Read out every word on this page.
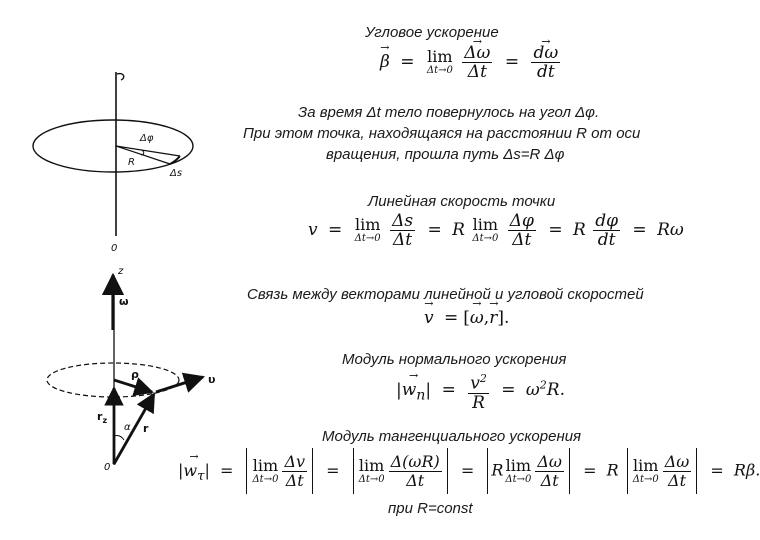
Δφ
R
Δs
0
z
ω
$r_z$
ρ	υ
r
α
0
Угловое ускорение
→ β = lim
Δt→0
→ $\frac{\Delta\omega}{\Delta t}$ = → $\frac{d\omega}{dt}$
За время Δt тело повернулось на угол Δφ.
При этом точка, находящаяся на расстоянии R от оси
вращения, прошла путь Δs=R Δφ
Линейная скорость точки
v = lim
Δt→0
$\frac{\Delta s}{\Delta t} = R$ lim
Δt→0
$\frac{\Delta\varphi}{\Delta t} = R \frac{d\varphi}{dt} = R\omega$
Связь между векторами линейной и угловой скоростей
→ v = [→ ω,→ r].
Модуль нормального ускорения
|→ $w_n| = \frac{v^2}{R} = \omega^2R$.
Модуль тангенциального ускорения
|→ $w_\tau| = \lim$
$\Delta t\to 0 \frac{\Delta v}{\Delta t} = \lim$
$\Delta t\to 0 \frac{\Delta(\omega R)}{\Delta t} = R$ lim
$\Delta t\to 0 \frac{\Delta\omega}{\Delta t} = R$ lim
$\Delta t\to 0 \frac{\Delta\omega}{\Delta t} = R\beta$.
при R=const
